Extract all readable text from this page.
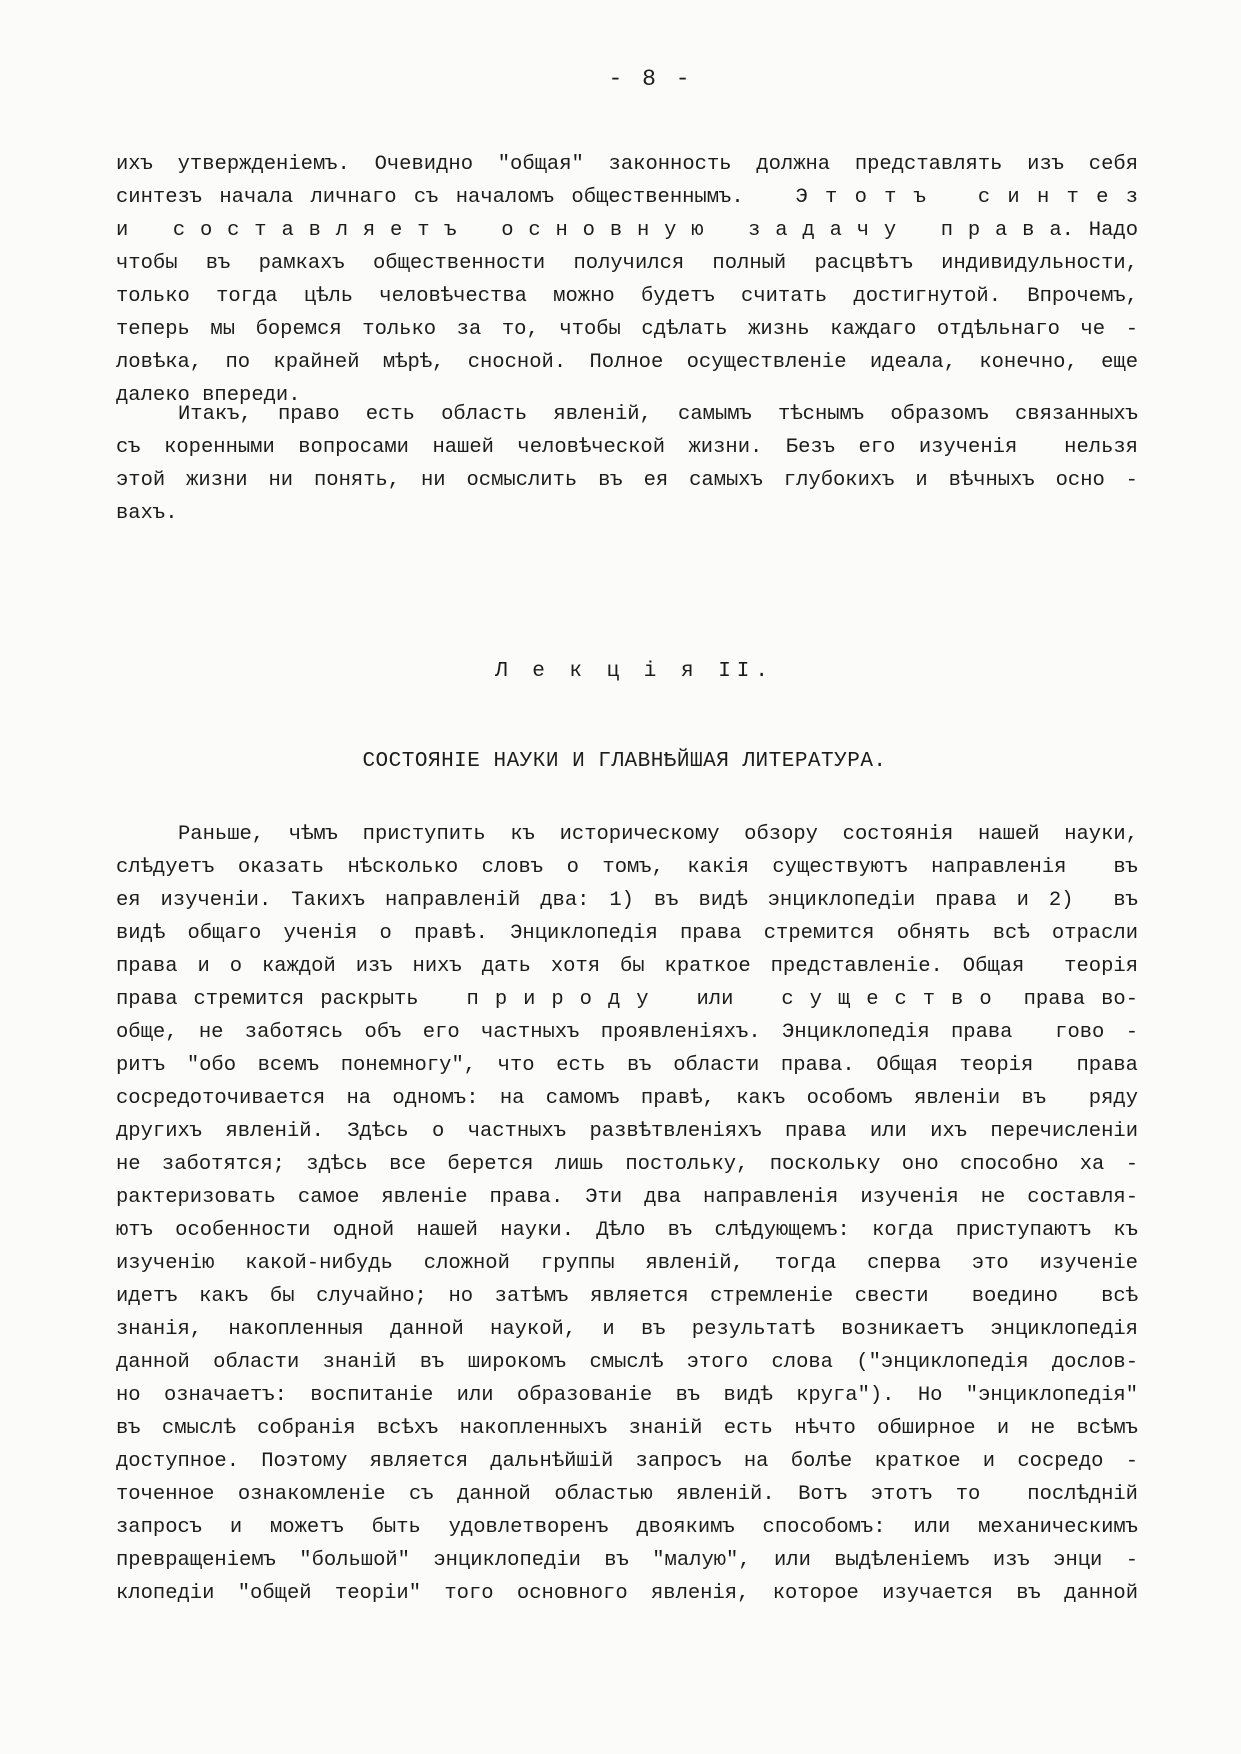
- 8 -
ихъ утвержденіемъ. Очевидно "общая" законность должна представлять изъ себя
синтезъ начала личнаго съ началомъ общественнымъ.   Э т о т ъ   с и н т е з
и   с о с т а в л я е т ъ   о с н о в н у ю   з а д а ч у   п р а в а. Надо
чтобы въ рамкахъ общественности получился полный расцвѣтъ индивидульности,
только тогда цѣль человѣчества можно будетъ считать достигнутой. Впрочемъ,
теперь мы боремся только за то, чтобы сдѣлать жизнь каждаго отдѣльнаго че -
ловѣка, по крайней мѣрѣ, сносной. Полное осуществленіе идеала, конечно, еще
далеко впереди.
Итакъ, право есть область явленій, самымъ тѣснымъ образомъ связанныхъ
съ коренными вопросами нашей человѣческой жизни. Безъ его изученія  нельзя
этой жизни ни понять, ни осмыслить въ ея самыхъ глубокихъ и вѣчныхъ осно -
вахъ.
Л е к ц і я II.
СОСТОЯНІЕ НАУКИ И ГЛАВНѢЙШАЯ ЛИТЕРАТУРА.
Раньше, чѣмъ приступить къ историческому обзору состоянія нашей науки,
слѣдуетъ оказать нѣсколько словъ о томъ, какія существуютъ направленія  въ
ея изученіи. Такихъ направленій два: 1) въ видѣ энциклопедіи права и 2)  въ
видѣ общаго ученія о правѣ. Энциклопедія права стремится обнять всѣ отрасли
права и о каждой изъ нихъ дать хотя бы краткое представленіе. Общая  теорія
права стремится раскрыть   п р и р о д у   или   с у щ е с т в о  права во-
обще, не заботясь объ его частныхъ проявленіяхъ. Энциклопедія права  гово -
ритъ "обо всемъ понемногу", что есть въ области права. Общая теорія  права
сосредоточивается на одномъ: на самомъ правѣ, какъ особомъ явленіи въ  ряду
другихъ явленій. Здѣсь о частныхъ развѣтвленіяхъ права или ихъ перечисленіи
не заботятся; здѣсь все берется лишь постольку, поскольку оно способно ха -
рактеризовать самое явленіе права. Эти два направленія изученія не составля-
ютъ особенности одной нашей науки. Дѣло въ слѣдующемъ: когда приступаютъ къ
изученію какой-нибудь сложной группы явленій, тогда сперва это изученіе
идетъ какъ бы случайно; но затѣмъ является стремленіе свести  воедино  всѣ
знанія, накопленныя данной наукой, и въ результатѣ возникаетъ энциклопедія
данной области знаній въ широкомъ смыслѣ этого слова ("энциклопедія дослов-
но означаетъ: воспитаніе или образованіе въ видѣ круга"). Но "энциклопедія"
въ смыслѣ собранія всѣхъ накопленныхъ знаній есть нѣчто обширное и не всѣмъ
доступное. Поэтому является дальнѣйшій запросъ на болѣе краткое и сосредо -
точенное ознакомленіе съ данной областью явленій. Вотъ этотъ то  послѣдній
запросъ и можетъ быть удовлетворенъ двоякимъ способомъ: или механическимъ
превращеніемъ "большой" энциклопедіи въ "малую", или выдѣленіемъ изъ энци -
клопедіи "общей теоріи" того основного явленія, которое изучается въ данной
